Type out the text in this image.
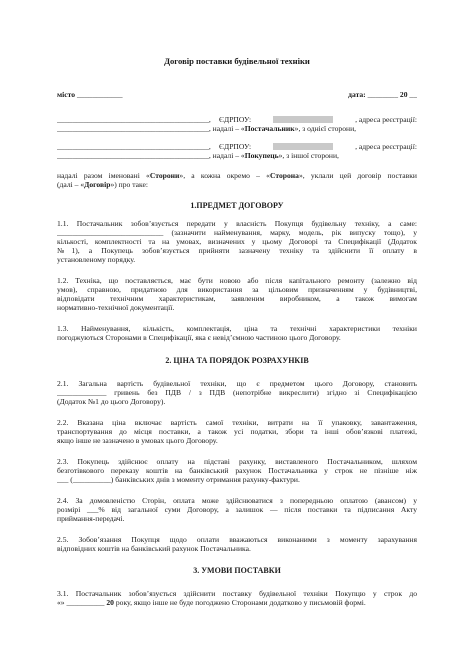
Договір поставки будівельної техніки
місто ____________	дата: ________ 20 __
________________________________________, ЄДРПОУ:	, адреса реєстрації:
________________________________________, надалі – «Постачальник», з однієї сторони,
________________________________________, ЄДРПОУ:	, адреса реєстрації:
________________________________________, надалі – «Покупець», з іншої сторони,
надалі разом іменовані «Сторони», а кожна окремо – «Сторона», уклали цей договір поставки
(далі – «Договір») про таке:
1.ПРЕДМЕТ ДОГОВОРУ
1.1. Постачальник зобов’язується передати у власність Покупця будівельну техніку, а саме:
____________________________ (зазначити найменування, марку, модель, рік випуску тощо), у
кількості, комплектності та на умовах, визначених у цьому Договорі та Специфікації (Додаток
№1), а Покупець зобов’язується прийняти зазначену техніку та здійснити її оплату в
установленому порядку.
1.2. Техніка, що поставляється, має бути новою або після капітального ремонту (залежно від
умов), справною, придатною для використання за цільовим призначенням у будівництві,
відповідати технічним характеристикам, заявленим виробником, а також вимогам
нормативно-технічної документації.
1.3. Найменування, кількість, комплектація, ціна та технічні характеристики техніки
погоджуються Сторонами в Специфікації, яка є невід’ємною частиною цього Договору.
2. ЦІНА ТА ПОРЯДОК РОЗРАХУНКІВ
2.1. Загальна вартість будівельної техніки, що є предметом цього Договору, становить
_____________ гривень без ПДВ / з ПДВ (непотрібне викреслити) згідно зі Специфікацією
(Додаток №1 до цього Договору).
2.2. Вказана ціна включає вартість самої техніки, витрати на її упаковку, завантаження,
транспортування до місця поставки, а також усі податки, збори та інші обов’язкові платежі,
якщо інше не зазначено в умовах цього Договору.
2.3. Покупець здійснює оплату на підставі рахунку, виставленого Постачальником, шляхом
безготівкового переказу коштів на банківський рахунок Постачальника у строк не пізніше ніж
___ (__________) банківських днів з моменту отримання рахунку-фактури.
2.4. За домовленістю Сторін, оплата може здійснюватися з попередньою оплатою (авансом) у
розмірі ___% від загальної суми Договору, а залишок — після поставки та підписання Акту
приймання-передачі.
2.5. Зобов’язання Покупця щодо оплати вважаються виконаними з моменту зарахування
відповідних коштів на банківський рахунок Постачальника.
3. УМОВИ ПОСТАВКИ
3.1. Постачальник зобов’язується здійснити поставку будівельної техніки Покупцю у строк до
«» __________ 20 року, якщо інше не буде погоджено Сторонами додатково у письмовій формі.
